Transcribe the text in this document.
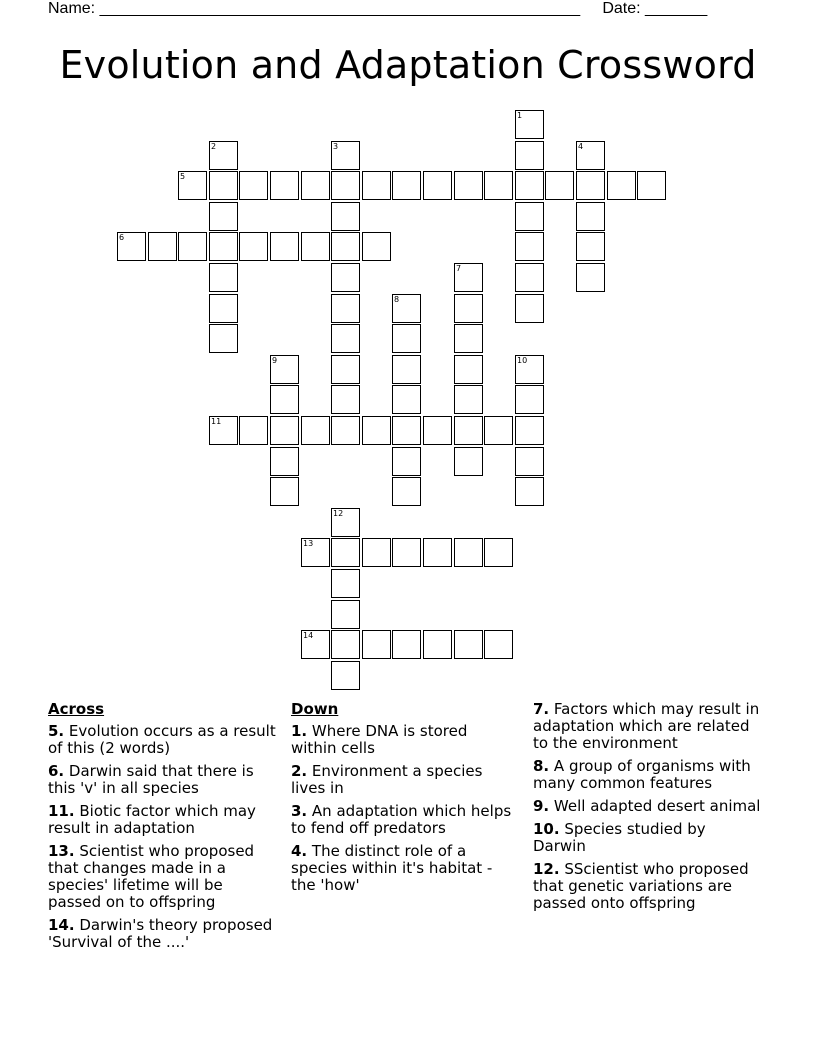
Name: ______________________________________________________     Date: _______
Evolution and Adaptation Crossword
1
2	3	4
5
6
7
8
9	10
11
12
13
14
Across
5. Evolution occurs as a result of this (2 words)
6. Darwin said that there is this 'v' in all species
11. Biotic factor which may result in adaptation
13. Scientist who proposed that changes made in a species' lifetime will be passed on to offspring
14. Darwin's theory proposed 'Survival of the ....'
Down
1. Where DNA is stored within cells
2. Environment a species lives in
3. An adaptation which helps to fend off predators
4. The distinct role of a species within it's habitat - the 'how'
7. Factors which may result in adaptation which are related to the environment
8. A group of organisms with many common features
9. Well adapted desert animal
10. Species studied by Darwin
12. SScientist who proposed that genetic variations are passed onto offspring
